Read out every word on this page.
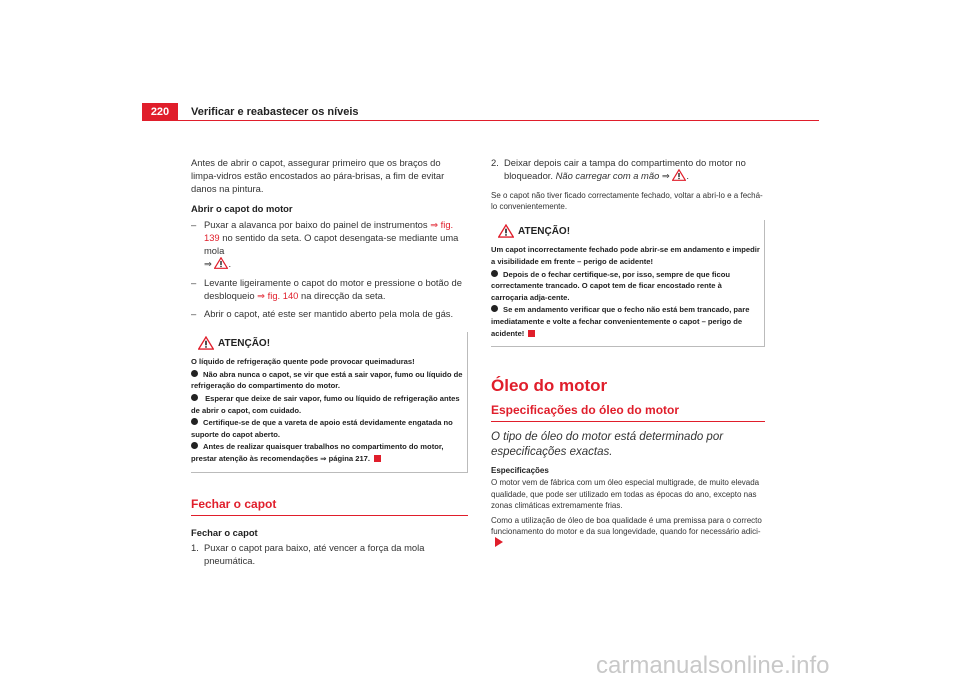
220	Verificar e reabastecer os níveis

Antes de abrir o capot, assegurar primeiro que os braços do limpa-vidros estão encostados ao pára-brisas, a fim de evitar danos na pintura.

Abrir o capot do motor

– Puxar a alavanca por baixo do painel de instrumentos ⇒ fig. 139 no sentido da seta. O capot desengata-se mediante uma mola
⇒ .
– Levante ligeiramente o capot do motor e pressione o botão de desbloqueio ⇒ fig. 140 na direcção da seta.
– Abrir o capot, até este ser mantido aberto pela mola de gás.
ATENÇÃO!

O líquido de refrigeração quente pode provocar queimaduras!

Não abra nunca o capot, se vir que está a sair vapor, fumo ou líquido de refrigeração do compartimento do motor.

Esperar que deixe de sair vapor, fumo ou líquido de refrigeração antes de abrir o capot, com cuidado.

Certifique-se de que a vareta de apoio está devidamente engatada no suporte do capot aberto.

Antes de realizar quaisquer trabalhos no compartimento do motor, prestar atenção às recomendações ⇒ página 217.

Fechar o capot

Fechar o capot

1. Puxar o capot para baixo, até vencer a força da mola pneumática.
2. Deixar depois cair a tampa do compartimento do motor no bloqueador. Não carregar com a mão ⇒ .

Se o capot não tiver ficado correctamente fechado, voltar a abri-lo e a fechá-lo convenientemente.

ATENÇÃO!

Um capot incorrectamente fechado pode abrir-se em andamento e impedir a visibilidade em frente – perigo de acidente!

Depois de o fechar certifique-se, por isso, sempre de que ficou correctamente trancado. O capot tem de ficar encostado rente à carroçaria adja-cente.

Se em andamento verificar que o fecho não está bem trancado, pare imediatamente e volte a fechar convenientemente o capot – perigo de acidente!

Óleo do motor
Especificações do óleo do motor

O tipo de óleo do motor está determinado por especificações exactas.

Especificações

O motor vem de fábrica com um óleo especial multigrade, de muito elevada qualidade, que pode ser utilizado em todas as épocas do ano, excepto nas zonas climáticas extremamente frias.

Como a utilização de óleo de boa qualidade é uma premissa para o correcto funcionamento do motor e da sua longevidade, quando for necessário adici-

carmanualsonline.info
